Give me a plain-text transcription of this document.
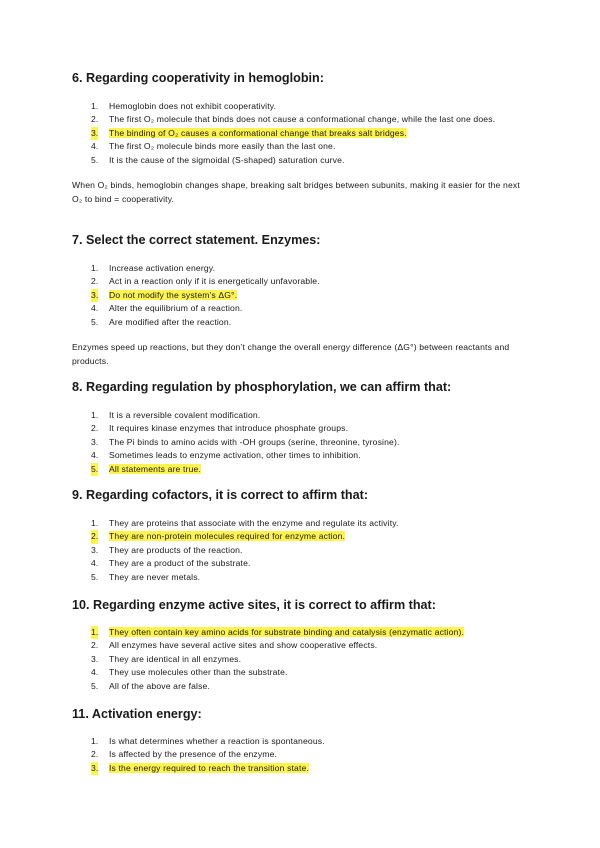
6. Regarding cooperativity in hemoglobin:
1. Hemoglobin does not exhibit cooperativity.
2. The first O₂ molecule that binds does not cause a conformational change, while the last one does.
3. The binding of O₂ causes a conformational change that breaks salt bridges.
4. The first O₂ molecule binds more easily than the last one.
5. It is the cause of the sigmoidal (S-shaped) saturation curve.

When O₂ binds, hemoglobin changes shape, breaking salt bridges between subunits, making it easier for the next O₂ to bind = cooperativity.

7. Select the correct statement. Enzymes:
1. Increase activation energy.
2. Act in a reaction only if it is energetically unfavorable.
3. Do not modify the system's ΔG°.
4. Alter the equilibrium of a reaction.
5. Are modified after the reaction.

Enzymes speed up reactions, but they don’t change the overall energy difference (ΔG°) between reactants and products.

8. Regarding regulation by phosphorylation, we can affirm that:
1. It is a reversible covalent modification.
2. It requires kinase enzymes that introduce phosphate groups.
3. The Pi binds to amino acids with -OH groups (serine, threonine, tyrosine).
4. Sometimes leads to enzyme activation, other times to inhibition.
5. All statements are true.
9. Regarding cofactors, it is correct to affirm that:
1. They are proteins that associate with the enzyme and regulate its activity.
2. They are non-protein molecules required for enzyme action.
3. They are products of the reaction.
4. They are a product of the substrate.
5. They are never metals.
10. Regarding enzyme active sites, it is correct to affirm that:
1. They often contain key amino acids for substrate binding and catalysis (enzymatic action).
2. All enzymes have several active sites and show cooperative effects.
3. They are identical in all enzymes.
4. They use molecules other than the substrate.
5. All of the above are false.
11. Activation energy:
1. Is what determines whether a reaction is spontaneous.
2. Is affected by the presence of the enzyme.
3. Is the energy required to reach the transition state.
